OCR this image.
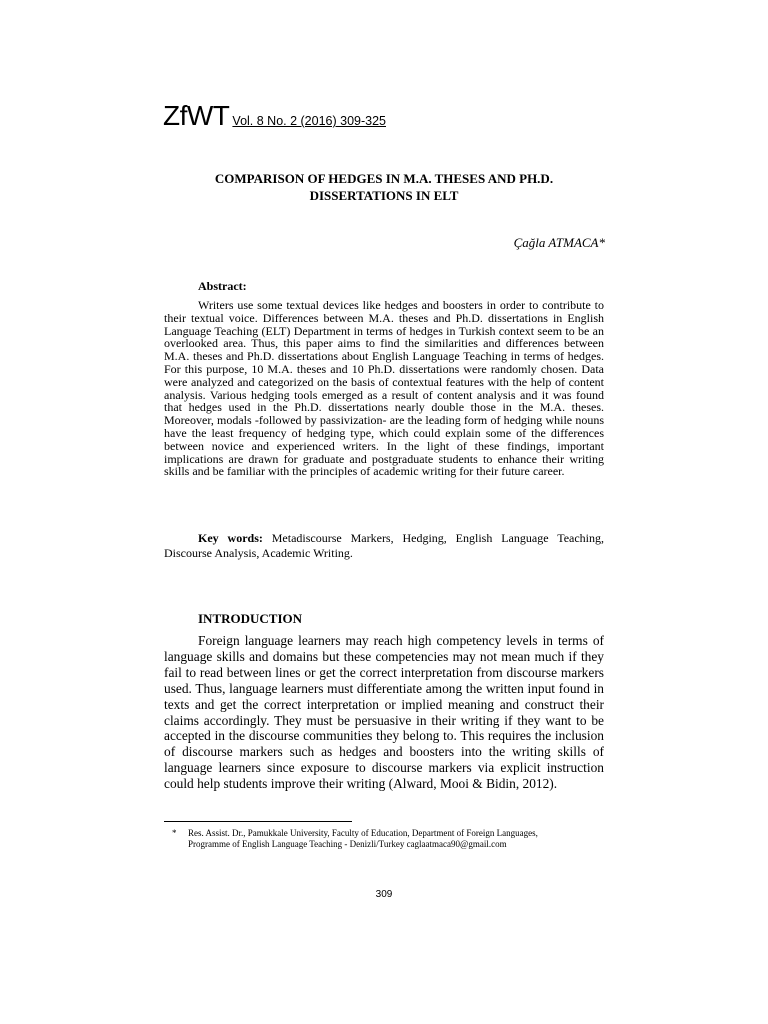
ZfWT Vol. 8 No. 2 (2016) 309-325
COMPARISON OF HEDGES IN M.A. THESES AND PH.D.
DISSERTATIONS IN ELT
Çağla ATMACA*
Abstract:

Writers use some textual devices like hedges and boosters in order to contribute to their textual voice. Differences between M.A. theses and Ph.D. dissertations in English Language Teaching (ELT) Department in terms of hedges in Turkish context seem to be an overlooked area. Thus, this paper aims to find the similarities and differences between M.A. theses and Ph.D. dissertations about English Language Teaching in terms of hedges. For this purpose, 10 M.A. theses and 10 Ph.D. dissertations were randomly chosen. Data were analyzed and categorized on the basis of contextual features with the help of content analysis. Various hedging tools emerged as a result of content analysis and it was found that hedges used in the Ph.D. dissertations nearly double those in the M.A. theses. Moreover, modals -followed by passivization- are the leading form of hedging while nouns have the least frequency of hedging type, which could explain some of the differences between novice and experienced writers. In the light of these findings, important implications are drawn for graduate and postgraduate students to enhance their writing skills and be familiar with the principles of academic writing for their future career.

Key words: Metadiscourse Markers, Hedging, English Language Teaching, Discourse Analysis, Academic Writing.

INTRODUCTION

Foreign language learners may reach high competency levels in terms of language skills and domains but these competencies may not mean much if they fail to read between lines or get the correct interpretation from discourse markers used. Thus, language learners must differentiate among the written input found in texts and get the correct interpretation or implied meaning and construct their claims accordingly. They must be persuasive in their writing if they want to be accepted in the discourse communities they belong to. This requires the inclusion of discourse markers such as hedges and boosters into the writing skills of language learners since exposure to discourse markers via explicit instruction could help students improve their writing (Alward, Mooi & Bidin, 2012).

* Res. Assist. Dr., Pamukkale University, Faculty of Education, Department of Foreign Languages,
Programme of English Language Teaching - Denizli/Turkey caglaatmaca90@gmail.com
309
